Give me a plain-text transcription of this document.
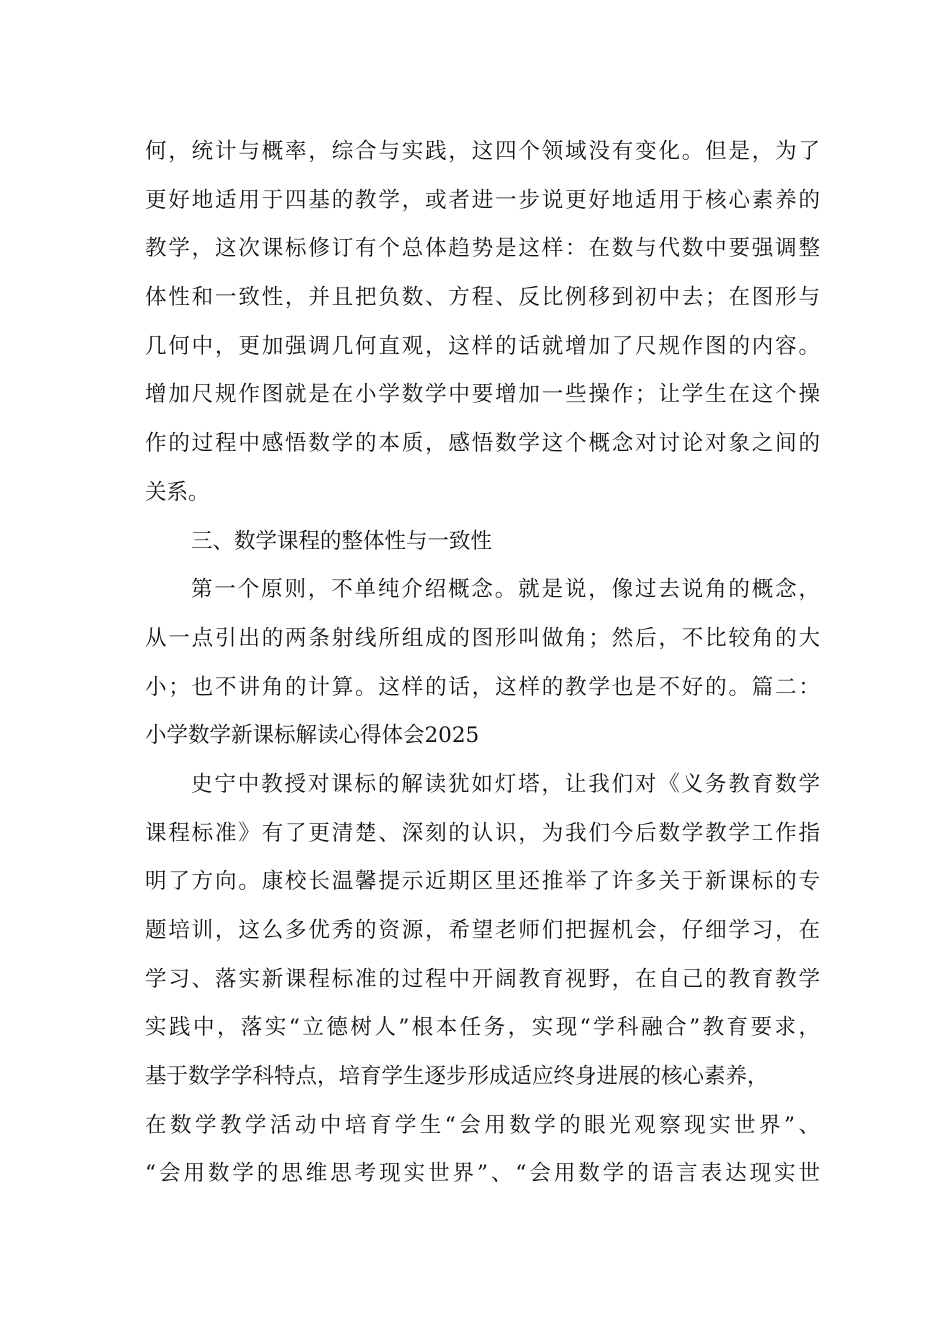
何，统计与概率，综合与实践，这四个领域没有变化。但是，为了
更好地适用于四基的教学，或者进一步说更好地适用于核心素养的
教学，这次课标修订有个总体趋势是这样：在数与代数中要强调整
体性和一致性，并且把负数、方程、反比例移到初中去；在图形与
几何中，更加强调几何直观，这样的话就增加了尺规作图的内容。
增加尺规作图就是在小学数学中要增加一些操作；让学生在这个操
作的过程中感悟数学的本质，感悟数学这个概念对讨论对象之间的
关系。
三、数学课程的整体性与一致性
第一个原则，不单纯介绍概念。就是说，像过去说角的概念，
从一点引出的两条射线所组成的图形叫做角；然后，不比较角的大
小；也不讲角的计算。这样的话，这样的教学也是不好的。篇二：
小学数学新课标解读心得体会2025
史宁中教授对课标的解读犹如灯塔，让我们对《义务教育数学
课程标准》有了更清楚、深刻的认识，为我们今后数学教学工作指
明了方向。康校长温馨提示近期区里还推举了许多关于新课标的专
题培训，这么多优秀的资源，希望老师们把握机会，仔细学习，在
学习、落实新课程标准的过程中开阔教育视野，在自己的教育教学
实践中，落实“立德树人”根本任务，实现“学科融合”教育要求，
基于数学学科特点，培育学生逐步形成适应终身进展的核心素养，
在数学教学活动中培育学生“会用数学的眼光观察现实世界”、
“会用数学的思维思考现实世界”、“会用数学的语言表达现实世
